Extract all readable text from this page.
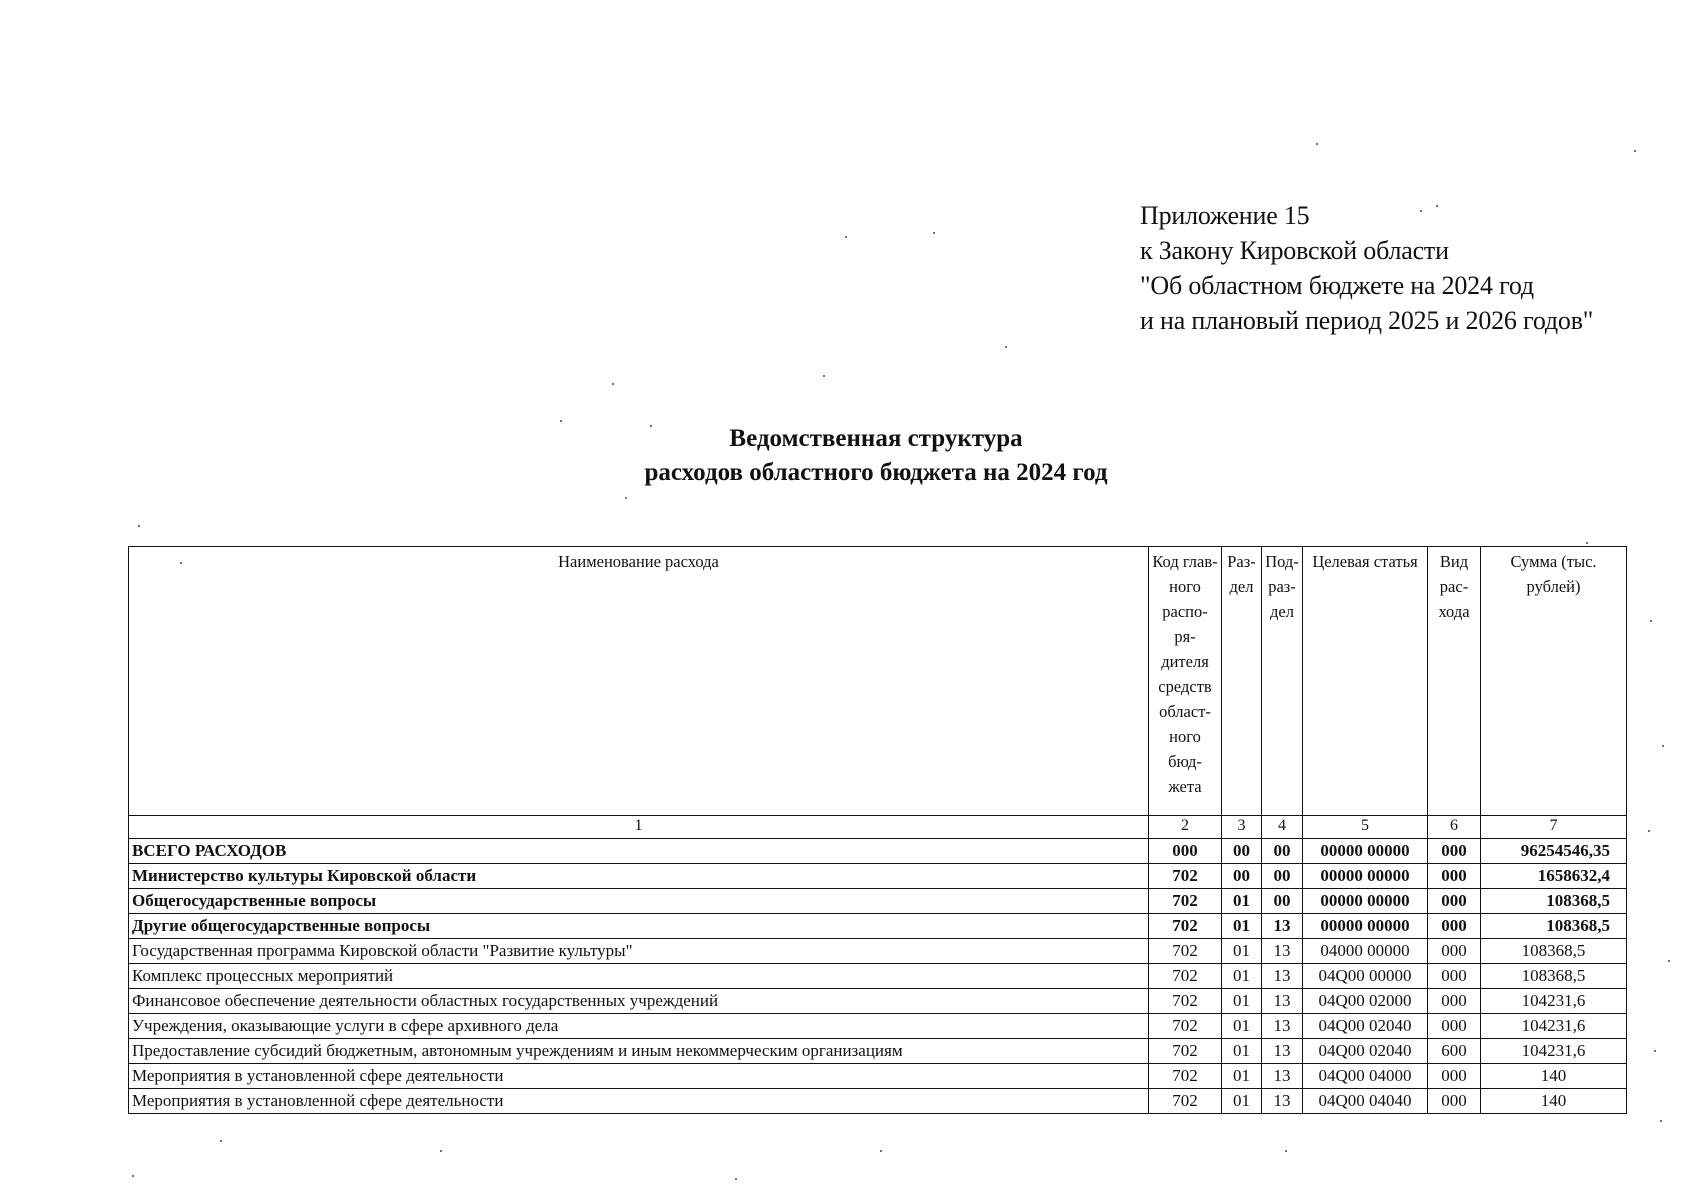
Приложение 15
к Закону Кировской области
"Об областном бюджете на 2024 год
и на плановый период 2025 и 2026 годов"
Ведомственная структура
расходов областного бюджета на 2024 год
Наименование расхода	Код глав-ного распо-ря-дителя средств област-ного бюд-жета	Раз-дел	Под-раз-дел	Целевая статья	Вид рас-хода	Сумма (тыс. рублей)
1	2	3	4	5	6	7
ВСЕГО РАСХОДОВ	000	00	00	00000 00000	000	96254546,35
Министерство культуры Кировской области	702	00	00	00000 00000	000	1658632,4
Общегосударственные вопросы	702	01	00	00000 00000	000	108368,5
Другие общегосударственные вопросы	702	01	13	00000 00000	000	108368,5
Государственная программа Кировской области "Развитие культуры"	702	01	13	04000 00000	000	108368,5
Комплекс процессных мероприятий	702	01	13	04Q00 00000	000	108368,5
Финансовое обеспечение деятельности областных государственных учреждений	702	01	13	04Q00 02000	000	104231,6
Учреждения, оказывающие услуги в сфере архивного дела	702	01	13	04Q00 02040	000	104231,6
Предоставление субсидий бюджетным, автономным учреждениям и иным некоммерческим организациям	702	01	13	04Q00 02040	600	104231,6
Мероприятия в установленной сфере деятельности	702	01	13	04Q00 04000	000	140
Мероприятия в установленной сфере деятельности	702	01	13	04Q00 04040	000	140
